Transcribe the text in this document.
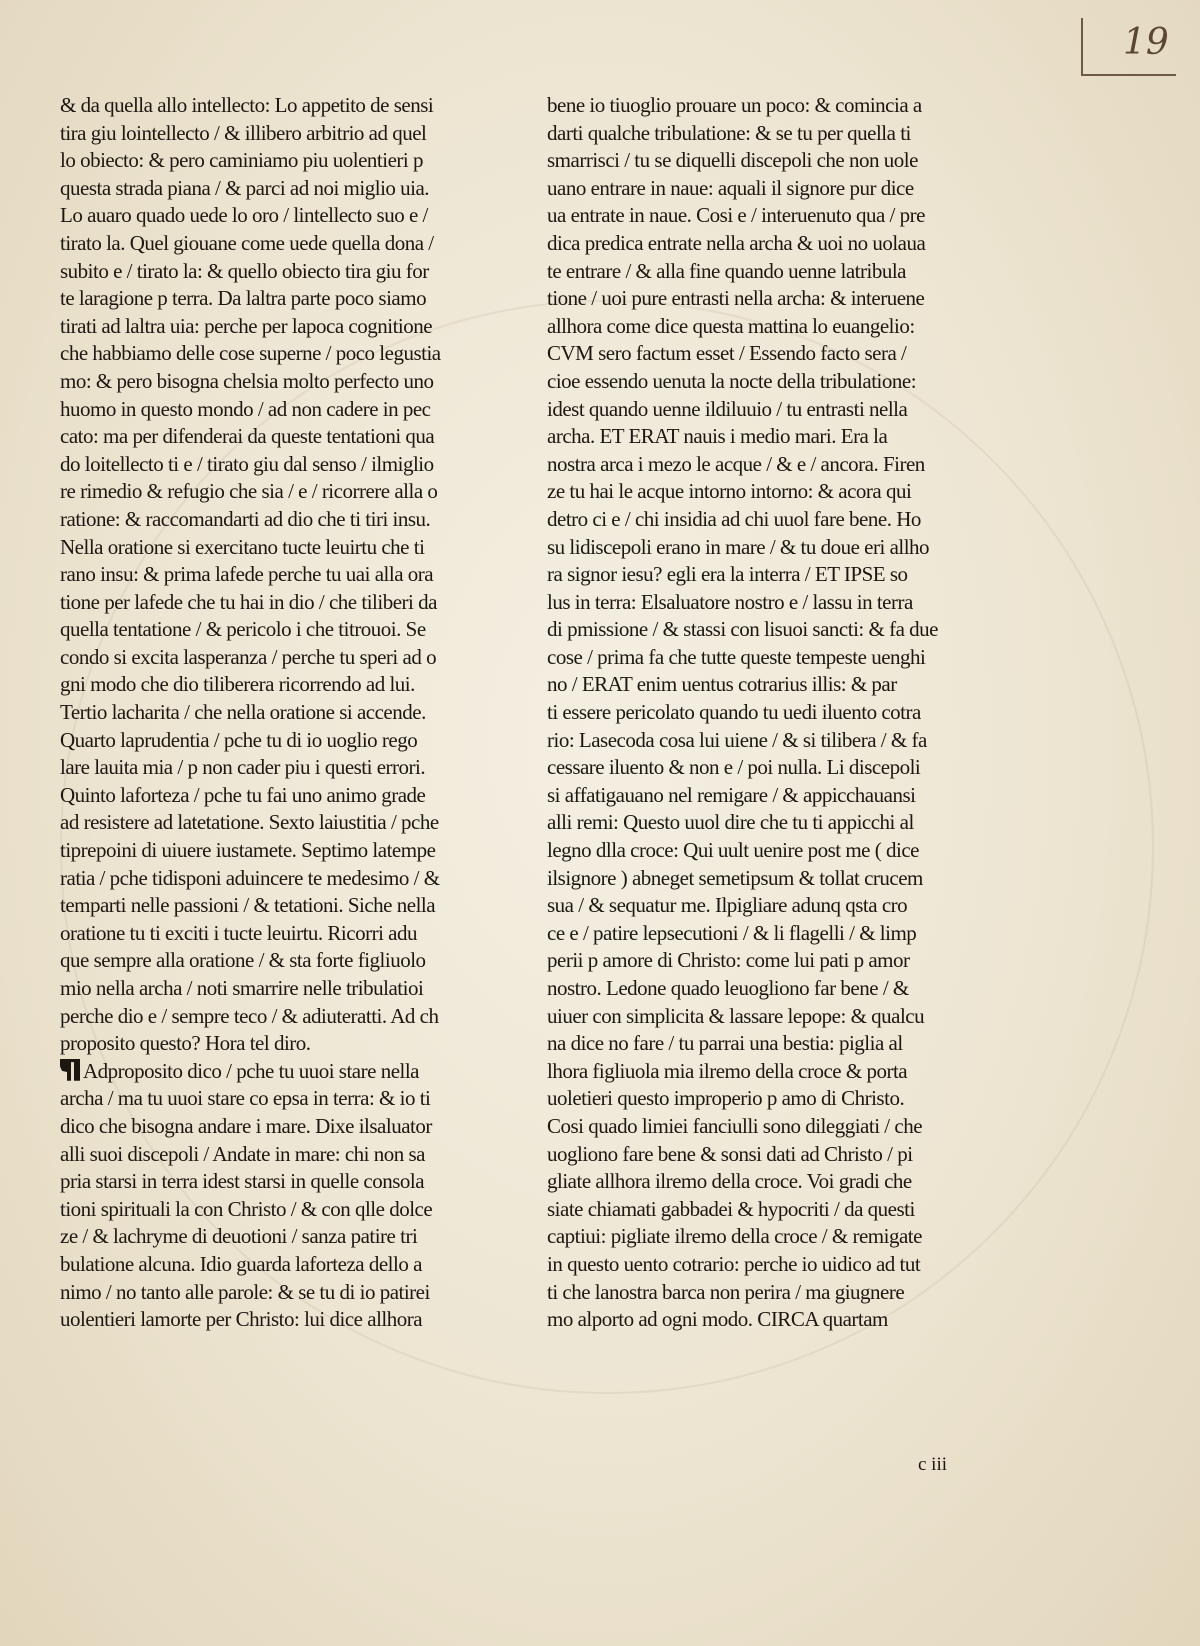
19
& da quella allo intellecto: Lo appetito de sensi
tira giu lointellecto / & illibero arbitrio ad quel
lo obiecto: & pero caminiamo piu uolentieri p
questa strada piana / & parci ad noi miglio uia.
Lo auaro quado uede lo oro / lintellecto suo e /
tirato la. Quel giouane come uede quella dona /
subito e / tirato la: & quello obiecto tira giu for
te laragione p terra. Da laltra parte poco siamo
tirati ad laltra uia: perche per lapoca cognitione
che habbiamo delle cose superne / poco legustia
mo: & pero bisogna chelsia molto perfecto uno
huomo in questo mondo / ad non cadere in pec
cato: ma per difenderai da queste tentationi qua
do loitellecto ti e / tirato giu dal senso / ilmiglio
re rimedio & refugio che sia / e / ricorrere alla o
ratione: & raccomandarti ad dio che ti tiri insu.
Nella oratione si exercitano tucte leuirtu che ti
rano insu: & prima lafede perche tu uai alla ora
tione per lafede che tu hai in dio / che tiliberi da
quella tentatione / & pericolo i che titrouoi. Se
condo si excita lasperanza / perche tu speri ad o
gni modo che dio tiliberera ricorrendo ad lui.
Tertio lacharita / che nella oratione si accende.
Quarto laprudentia / pche tu di io uoglio rego
lare lauita mia / p non cader piu i questi errori.
Quinto laforteza / pche tu fai uno animo grade
ad resistere ad latetatione. Sexto laiustitia / pche
tiprepoini di uiuere iustamete. Septimo latempe
ratia / pche tidisponi aduincere te medesimo / &
temparti nelle passioni / & tetationi. Siche nella
oratione tu ti exciti i tucte leuirtu. Ricorri adu
que sempre alla oratione / & sta forte figliuolo
mio nella archa / noti smarrire nelle tribulatioi
perche dio e / sempre teco / & adiuteratti. Ad ch
proposito questo? Hora tel diro.
Adproposito dico / pche tu uuoi stare nella
archa / ma tu uuoi stare co epsa in terra: & io ti
dico che bisogna andare i mare. Dixe ilsaluator
alli suoi discepoli / Andate in mare: chi non sa
pria starsi in terra idest starsi in quelle consola
tioni spirituali la con Christo / & con qlle dolce
ze / & lachryme di deuotioni / sanza patire tri
bulatione alcuna. Idio guarda laforteza dello a
nimo / no tanto alle parole: & se tu di io patirei
uolentieri lamorte per Christo: lui dice allhora
bene io tiuoglio prouare un poco: & comincia a
darti qualche tribulatione: & se tu per quella ti
smarrisci / tu se diquelli discepoli che non uole
uano entrare in naue: aquali il signore pur dice
ua entrate in naue. Cosi e / interuenuto qua / pre
dica predica entrate nella archa & uoi no uolaua
te entrare / & alla fine quando uenne latribula
tione / uoi pure entrasti nella archa: & interuene
allhora come dice questa mattina lo euangelio:
CVM sero factum esset / Essendo facto sera /
cioe essendo uenuta la nocte della tribulatione:
idest quando uenne ildiluuio / tu entrasti nella
archa. ET ERAT nauis i medio mari. Era la
nostra arca i mezo le acque / & e / ancora. Firen
ze tu hai le acque intorno intorno: & acora qui
detro ci e / chi insidia ad chi uuol fare bene. Ho
su lidiscepoli erano in mare / & tu doue eri allho
ra signor iesu? egli era la interra / ET IPSE so
lus in terra: Elsaluatore nostro e / lassu in terra
di pmissione / & stassi con lisuoi sancti: & fa due
cose / prima fa che tutte queste tempeste uenghi
no / ERAT enim uentus cotrarius illis: & par
ti essere pericolato quando tu uedi iluento cotra
rio: Lasecoda cosa lui uiene / & si tilibera / & fa
cessare iluento & non e / poi nulla. Li discepoli
si affatigauano nel remigare / & appicchauansi
alli remi: Questo uuol dire che tu ti appicchi al
legno dlla croce: Qui uult uenire post me ( dice
ilsignore ) abneget semetipsum & tollat crucem
sua / & sequatur me. Ilpigliare adunq qsta cro
ce e / patire lepsecutioni / & li flagelli / & limp
perii p amore di Christo: come lui pati p amor
nostro. Ledone quado leuogliono far bene / &
uiuer con simplicita & lassare lepope: & qualcu
na dice no fare / tu parrai una bestia: piglia al
lhora figliuola mia ilremo della croce & porta
uoletieri questo improperio p amo di Christo.
Cosi quado limiei fanciulli sono dileggiati / che
uogliono fare bene & sonsi dati ad Christo / pi
gliate allhora ilremo della croce. Voi gradi che
siate chiamati gabbadei & hypocriti / da questi
captiui: pigliate ilremo della croce / & remigate
in questo uento cotrario: perche io uidico ad tut
ti che lanostra barca non perira / ma giugnere
mo alporto ad ogni modo. CIRCA quartam
c iii
